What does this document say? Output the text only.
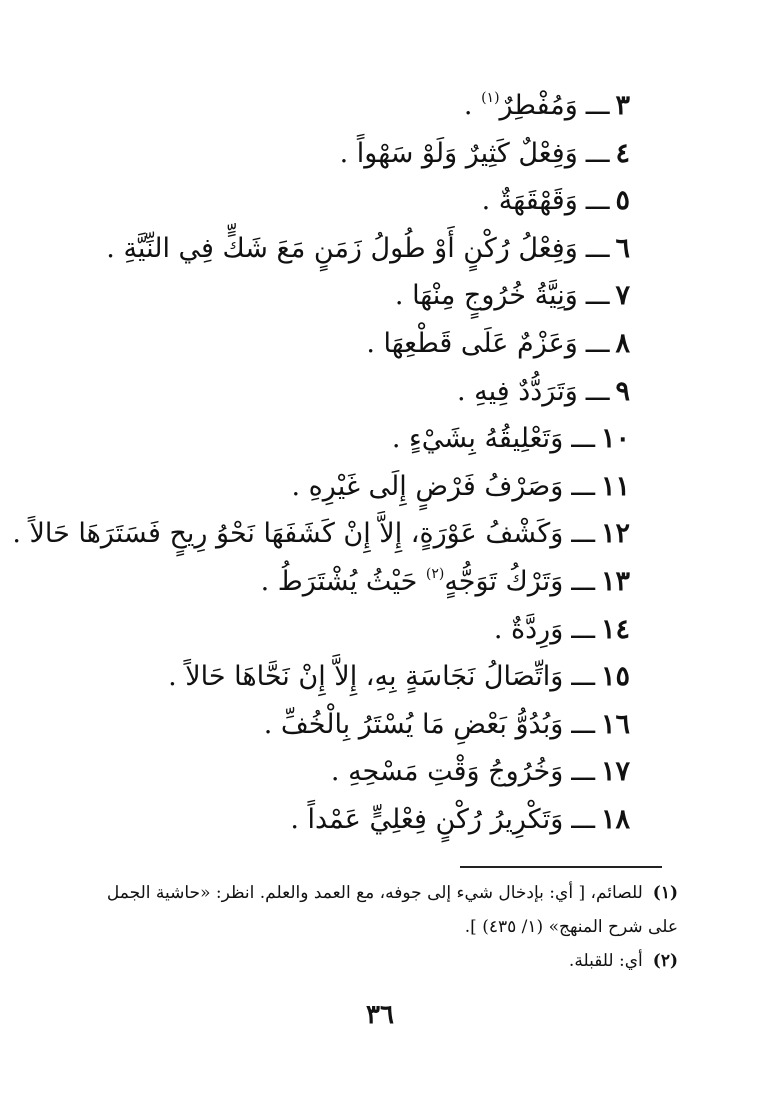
٣ـــوَمُفْطِرٌ$^{(١)}$ .
٤ـــوَفِعْلٌ كَثِيرٌ وَلَوْ سَهْواً .
٥ـــوَقَهْقَهَةٌ .
٦ـــوَفِعْلُ رُكْنٍ أَوْ طُولُ زَمَنٍ مَعَ شَكٍّ فِي النِّيَّةِ .
٧ـــوَنِيَّةُ خُرُوجٍ مِنْهَا .
٨ـــوَعَزْمٌ عَلَى قَطْعِهَا .
٩ـــوَتَرَدُّدٌ فِيهِ .
١٠ـــوَتَعْلِيقُهُ بِشَيْءٍ .
١١ـــوَصَرْفُ فَرْضٍ إِلَى غَيْرِهِ .
١٢ـــوَكَشْفُ عَوْرَةٍ، إِلاَّ إِنْ كَشَفَهَا نَحْوُ رِيحٍ فَسَتَرَهَا حَالاً .
١٣ـــوَتَرْكُ تَوَجُّهٍ$^{(٢)}$ حَيْثُ يُشْتَرَطُ .
١٤ـــوَرِدَّةٌ .
١٥ـــوَاتِّصَالُ نَجَاسَةٍ بِهِ، إِلاَّ إِنْ نَحَّاهَا حَالاً .
١٦ـــوَبُدُوُّ بَعْضِ مَا يُسْتَرُ بِالْخُفِّ .
١٧ـــوَخُرُوجُ وَقْتِ مَسْحِهِ .
١٨ـــوَتَكْرِيرُ رُكْنٍ فِعْلِيٍّ عَمْداً .
(١)للصائم، [ أي: بإدخال شيء إلى جوفه، مع العمد والعلم. انظر: «حاشية الجمل
على شرح المنهج» (١/ ٤٣٥) ].
(٢)أي: للقبلة.
٣٦
